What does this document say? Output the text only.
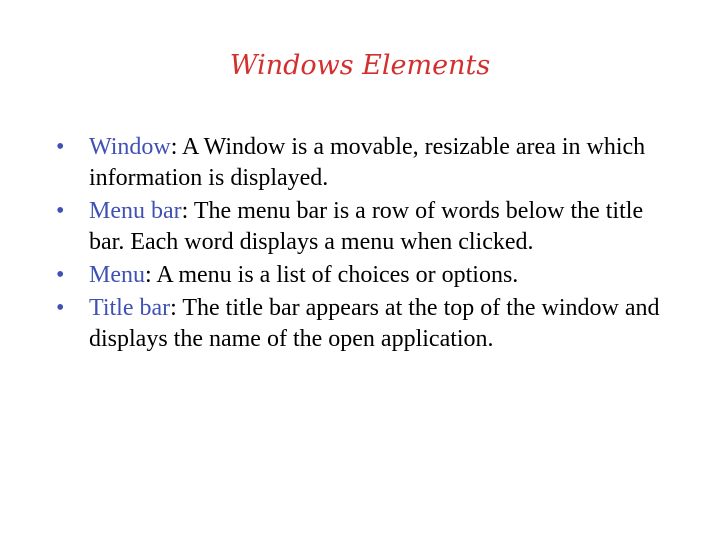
Windows Elements
• Window: A Window is a movable, resizable area in which information is displayed.
• Menu bar: The menu bar is a row of words below the title bar. Each word displays a menu when clicked.
• Menu: A menu is a list of choices or options.
• Title bar: The title bar appears at the top of the window and displays the name of the open application.
